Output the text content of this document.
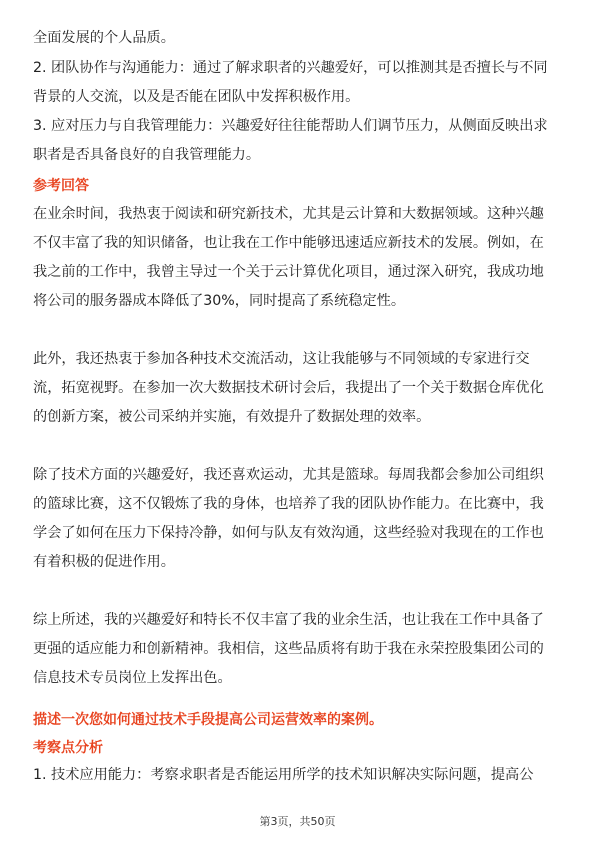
全面发展的个人品质。
2. 团队协作与沟通能力：通过了解求职者的兴趣爱好，可以推测其是否擅长与不同
背景的人交流，以及是否能在团队中发挥积极作用。
3. 应对压力与自我管理能力：兴趣爱好往往能帮助人们调节压力，从侧面反映出求
职者是否具备良好的自我管理能力。
参考回答
在业余时间，我热衷于阅读和研究新技术，尤其是云计算和大数据领域。这种兴趣
不仅丰富了我的知识储备，也让我在工作中能够迅速适应新技术的发展。例如，在
我之前的工作中，我曾主导过一个关于云计算优化项目，通过深入研究，我成功地
将公司的服务器成本降低了30%，同时提高了系统稳定性。
此外，我还热衷于参加各种技术交流活动，这让我能够与不同领域的专家进行交
流，拓宽视野。在参加一次大数据技术研讨会后，我提出了一个关于数据仓库优化
的创新方案，被公司采纳并实施，有效提升了数据处理的效率。
除了技术方面的兴趣爱好，我还喜欢运动，尤其是篮球。每周我都会参加公司组织
的篮球比赛，这不仅锻炼了我的身体，也培养了我的团队协作能力。在比赛中，我
学会了如何在压力下保持冷静，如何与队友有效沟通，这些经验对我现在的工作也
有着积极的促进作用。
综上所述，我的兴趣爱好和特长不仅丰富了我的业余生活，也让我在工作中具备了
更强的适应能力和创新精神。我相信，这些品质将有助于我在永荣控股集团公司的
信息技术专员岗位上发挥出色。
描述一次您如何通过技术手段提高公司运营效率的案例。
考察点分析
1. 技术应用能力：考察求职者是否能运用所学的技术知识解决实际问题，提高公
第3页，共50页
